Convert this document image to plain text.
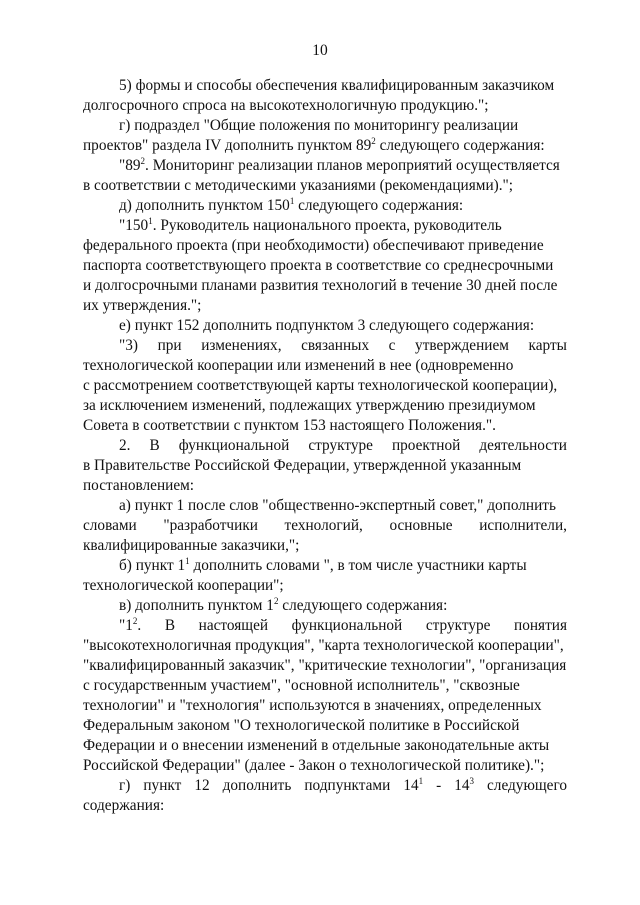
10
5) формы и способы обеспечения квалифицированным заказчиком
долгосрочного спроса на высокотехнологичную продукцию.";
г) подраздел "Общие положения по мониторингу реализации
проектов" раздела IV дополнить пунктом $89^2$ следующего содержания:
"$89^2$. Мониторинг реализации планов мероприятий осуществляется
в соответствии с методическими указаниями (рекомендациями).";
д) дополнить пунктом $150^1$ следующего содержания:
"$150^1$. Руководитель национального проекта, руководитель
федерального проекта (при необходимости) обеспечивают приведение
паспорта соответствующего проекта в соответствие со среднесрочными
и долгосрочными планами развития технологий в течение 30 дней после
их утверждения.";
е) пункт 152 дополнить подпунктом 3 следующего содержания:
"3) при изменениях, связанных с утверждением карты
технологической кооперации или изменений в нее (одновременно
с рассмотрением соответствующей карты технологической кооперации),
за исключением изменений, подлежащих утверждению президиумом
Совета в соответствии с пунктом 153 настоящего Положения.".
2. В функциональной структуре проектной деятельности
в Правительстве Российской Федерации, утвержденной указанным
постановлением:
а) пункт 1 после слов "общественно-экспертный совет," дополнить
словами "разработчики технологий, основные исполнители,
квалифицированные заказчики,";
б) пункт $1^1$ дополнить словами ", в том числе участники карты
технологической кооперации";
в) дополнить пунктом $1^2$ следующего содержания:
"$1^2$. В настоящей функциональной структуре понятия
"высокотехнологичная продукция", "карта технологической кооперации",
"квалифицированный заказчик", "критические технологии", "организация
с государственным участием", "основной исполнитель", "сквозные
технологии" и "технология" используются в значениях, определенных
Федеральным законом "О технологической политике в Российской
Федерации и о внесении изменений в отдельные законодательные акты
Российской Федерации" (далее - Закон о технологической политике).";
г) пункт 12 дополнить подпунктами $14^1 - 14^3$ следующего
содержания:
